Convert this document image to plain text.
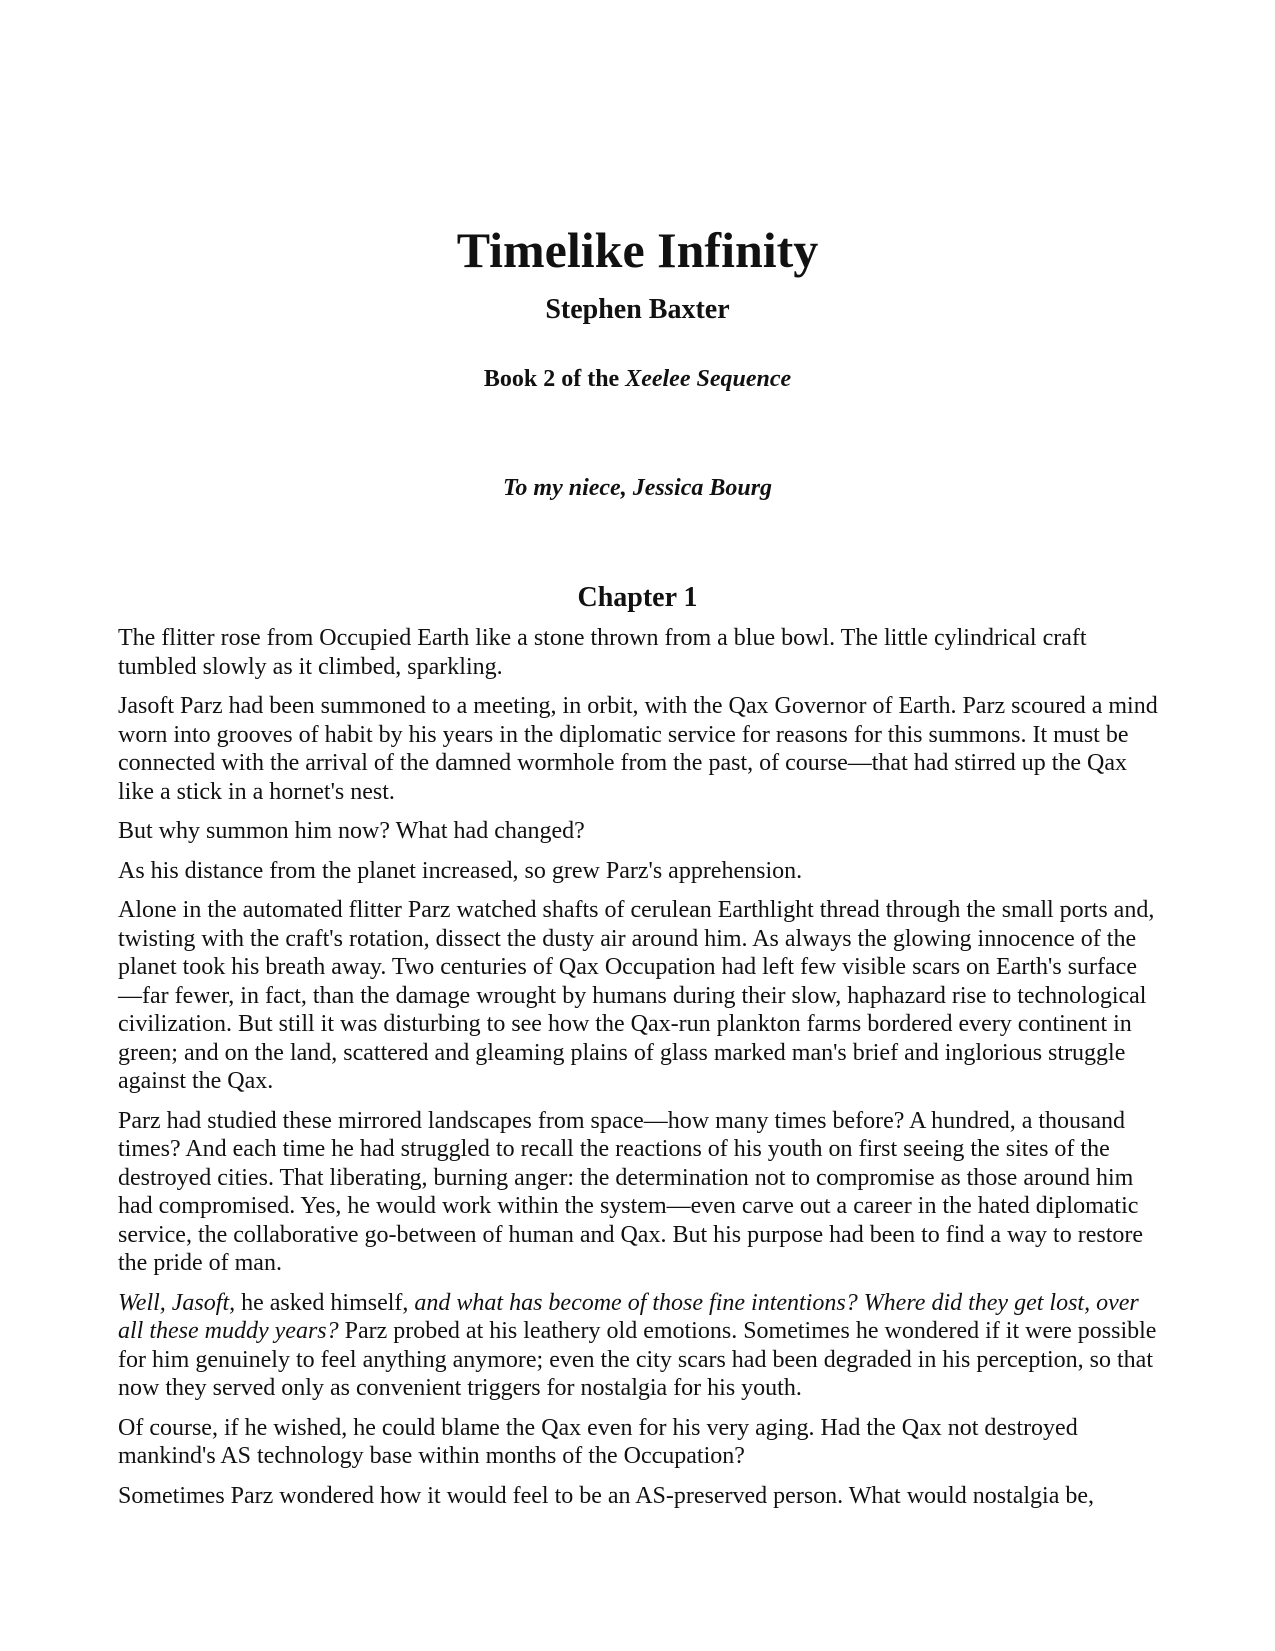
Timelike Infinity
Stephen Baxter

Book 2 of the Xeelee Sequence

To my niece, Jessica Bourg

Chapter 1

The flitter rose from Occupied Earth like a stone thrown from a blue bowl. The little cylindrical craft tumbled slowly as it climbed, sparkling.

Jasoft Parz had been summoned to a meeting, in orbit, with the Qax Governor of Earth. Parz scoured a mind worn into grooves of habit by his years in the diplomatic service for reasons for this summons. It must be connected with the arrival of the damned wormhole from the past, of course—that had stirred up the Qax like a stick in a hornet's nest.

But why summon him now? What had changed?

As his distance from the planet increased, so grew Parz's apprehension.

Alone in the automated flitter Parz watched shafts of cerulean Earthlight thread through the small ports and, twisting with the craft's rotation, dissect the dusty air around him. As always the glowing innocence of the planet took his breath away. Two centuries of Qax Occupation had left few visible scars on Earth's surface—far fewer, in fact, than the damage wrought by humans during their slow, haphazard rise to technological civilization. But still it was disturbing to see how the Qax-run plankton farms bordered every continent in green; and on the land, scattered and gleaming plains of glass marked man's brief and inglorious struggle against the Qax.

Parz had studied these mirrored landscapes from space—how many times before? A hundred, a thousand times? And each time he had struggled to recall the reactions of his youth on first seeing the sites of the destroyed cities. That liberating, burning anger: the determination not to compromise as those around him had compromised. Yes, he would work within the system—even carve out a career in the hated diplomatic service, the collaborative go-between of human and Qax. But his purpose had been to find a way to restore the pride of man.

Well, Jasoft, he asked himself, and what has become of those fine intentions? Where did they get lost, over all these muddy years? Parz probed at his leathery old emotions. Sometimes he wondered if it were possible for him genuinely to feel anything anymore; even the city scars had been degraded in his perception, so that now they served only as convenient triggers for nostalgia for his youth.

Of course, if he wished, he could blame the Qax even for his very aging. Had the Qax not destroyed mankind's AS technology base within months of the Occupation?

Sometimes Parz wondered how it would feel to be an AS-preserved person. What would nostalgia be,
